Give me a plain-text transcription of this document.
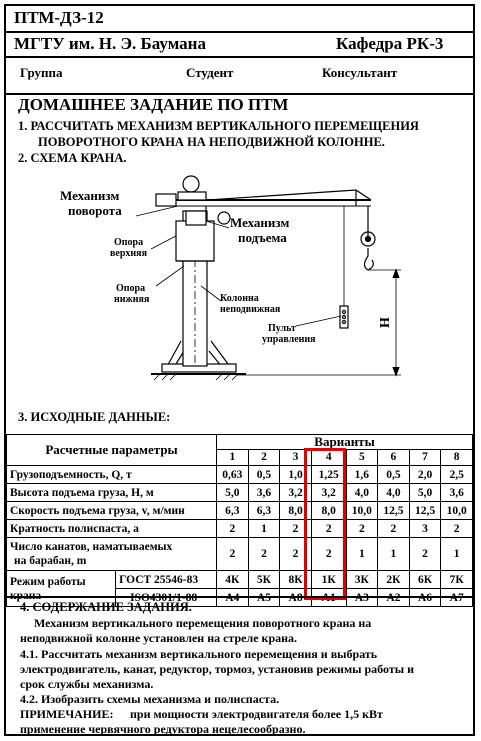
ПТМ-ДЗ-12
МГТУ им. Н. Э. Баумана	Кафедра РК-3
Группа	Студент	Консультант
ДОМАШНЕЕ ЗАДАНИЕ ПО ПТМ
1. РАССЧИТАТЬ МЕХАНИЗМ ВЕРТИКАЛЬНОГО ПЕРЕМЕЩЕНИЯ
ПОВОРОТНОГО КРАНА НА НЕПОДВИЖНОЙ КОЛОННЕ.
2. СХЕМА КРАНА.
Механизм
поворота
Механизм
подъема
Опора
верхняя
Опора
нижняя	Колонна
неподвижная
Пульт
управления
H
3. ИСХОДНЫЕ ДАННЫЕ:
Расчетные параметры		Варианты							
		1	2	3	4	5	6	7	8
Грузоподъемность, Q, т		0,63	0,5	1,0	1,25	1,6	0,5	2,0	2,5
Высота подъема груза, H, м		5,0	3,6	3,2	3,2	4,0	4,0	5,0	3,6
Скорость подъема груза, v, м/мин		6,3	6,3	8,0	8,0	10,0	12,5	12,5	10,0
Кратность полиспаста, а		2	1	2	2	2	2	3	2
Число канатов, наматываемых
на барабан, m		2	2	2	2	1	1	2	1
Режим работы
крана	ГОСТ 25546-83	4К	5К	8К	1К	3К	2К	6К	7К
	ISO4301/1-88	А4	А5	А8	А1	А3	А2	А6	А7
4. СОДЕРЖАНИЕ ЗАДАНИЯ.
Механизм вертикального перемещения поворотного крана на
неподвижной колонне установлен на стреле крана.
4.1. Рассчитать механизм вертикального перемещения и выбрать
электродвигатель, канат, редуктор, тормоз, установив режимы работы и
срок службы механизма.
4.2. Изобразить схемы механизма и полиспаста.
ПРИМЕЧАНИЕ: при мощности электродвигателя более 1,5 кВт
применение червячного редуктора нецелесообразно.
